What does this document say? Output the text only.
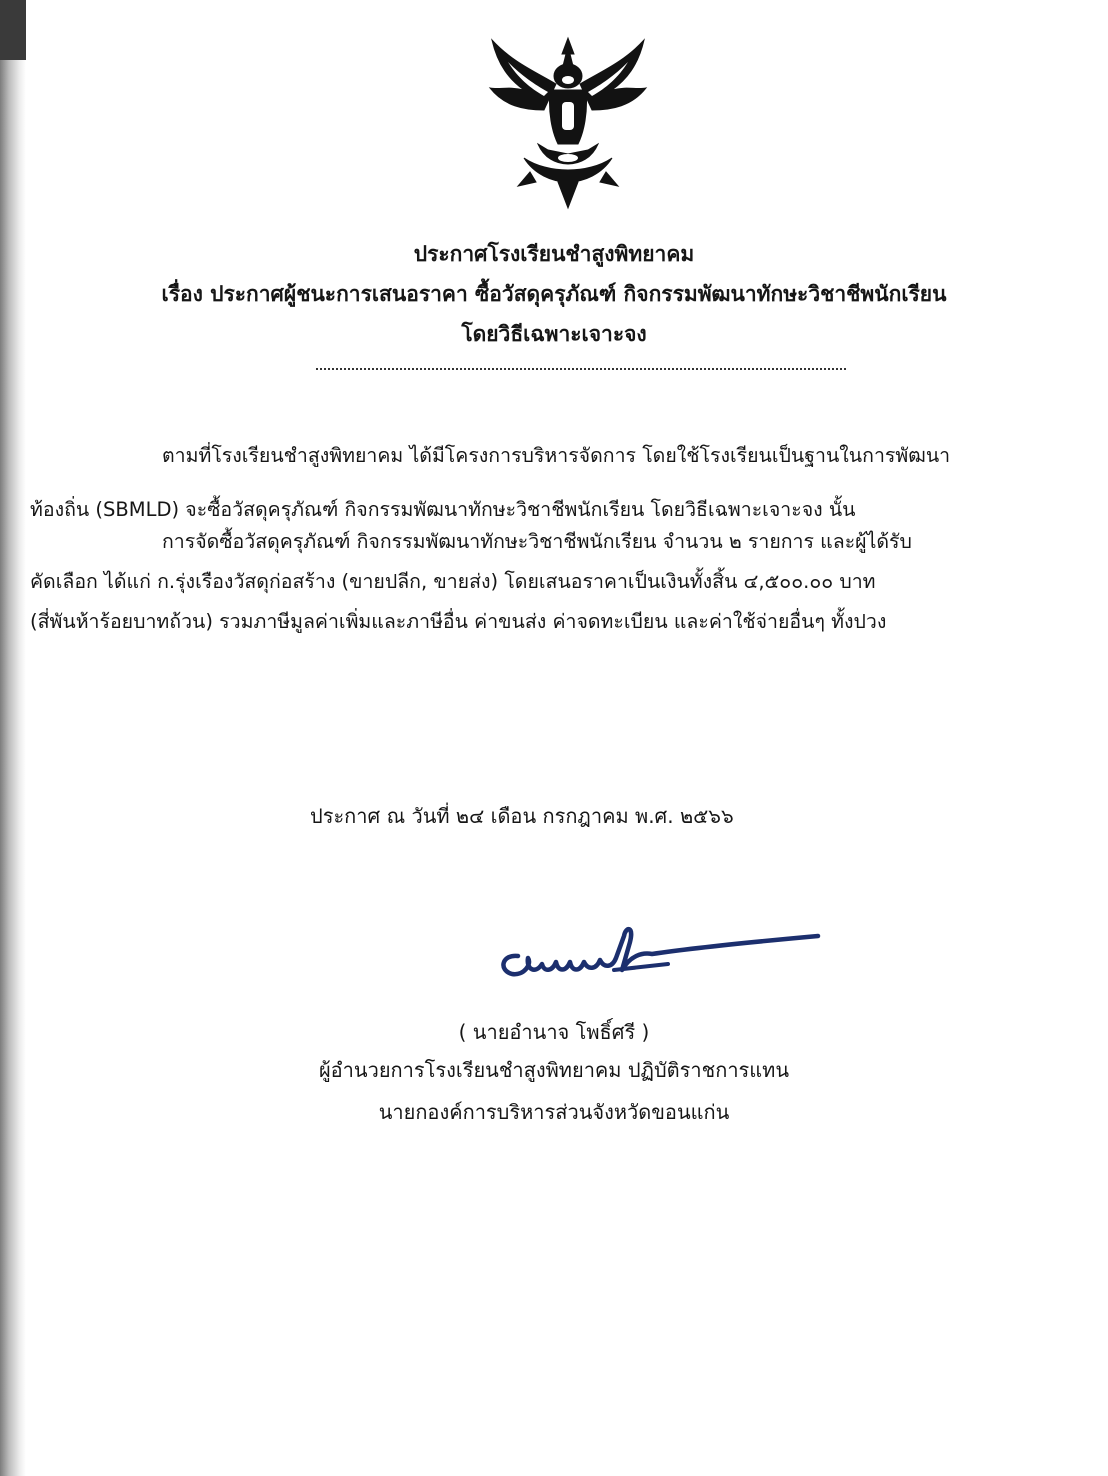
ประกาศโรงเรียนชำสูงพิทยาคม
เรื่อง ประกาศผู้ชนะการเสนอราคา ซื้อวัสดุครุภัณฑ์ กิจกรรมพัฒนาทักษะวิชาชีพนักเรียน
โดยวิธีเฉพาะเจาะจง
ตามที่โรงเรียนชำสูงพิทยาคม ได้มีโครงการบริหารจัดการ โดยใช้โรงเรียนเป็นฐานในการพัฒนา
ท้องถิ่น (SBMLD) จะซื้อวัสดุครุภัณฑ์ กิจกรรมพัฒนาทักษะวิชาชีพนักเรียน โดยวิธีเฉพาะเจาะจง นั้น
การจัดซื้อวัสดุครุภัณฑ์ กิจกรรมพัฒนาทักษะวิชาชีพนักเรียน จำนวน ๒ รายการ และผู้ได้รับ
คัดเลือก ได้แก่ ก.รุ่งเรืองวัสดุก่อสร้าง (ขายปลีก, ขายส่ง) โดยเสนอราคาเป็นเงินทั้งสิ้น ๔,๕๐๐.๐๐ บาท
(สี่พันห้าร้อยบาทถ้วน) รวมภาษีมูลค่าเพิ่มและภาษีอื่น ค่าขนส่ง ค่าจดทะเบียน และค่าใช้จ่ายอื่นๆ ทั้งปวง
ประกาศ ณ วันที่ ๒๔ เดือน กรกฎาคม พ.ศ. ๒๕๖๖
( นายอำนาจ โพธิ์ศรี )
ผู้อำนวยการโรงเรียนชำสูงพิทยาคม ปฏิบัติราชการแทน
นายกองค์การบริหารส่วนจังหวัดขอนแก่น
